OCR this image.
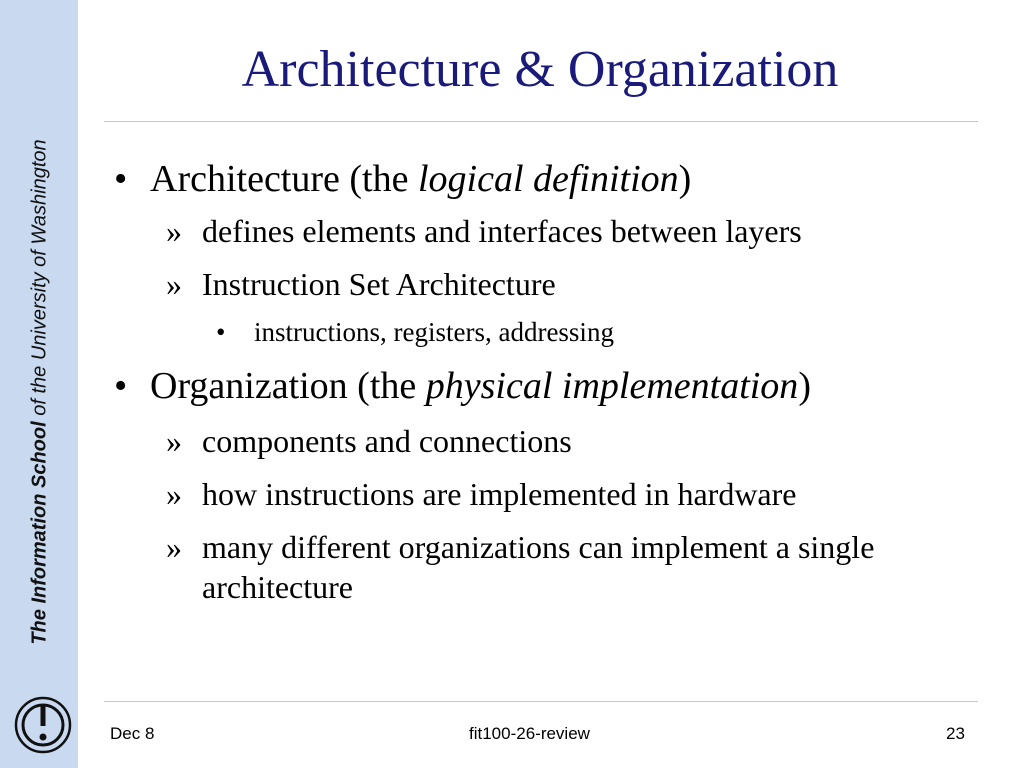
The Information School of the University of Washington
Architecture & Organization
• Architecture (the logical definition)
» defines elements and interfaces between layers
» Instruction Set Architecture
•	instructions, registers, addressing
• Organization (the physical implementation)
» components and connections
» how instructions are implemented in hardware
» many different organizations can implement a single architecture
Dec 8	fit100-26-review	23
